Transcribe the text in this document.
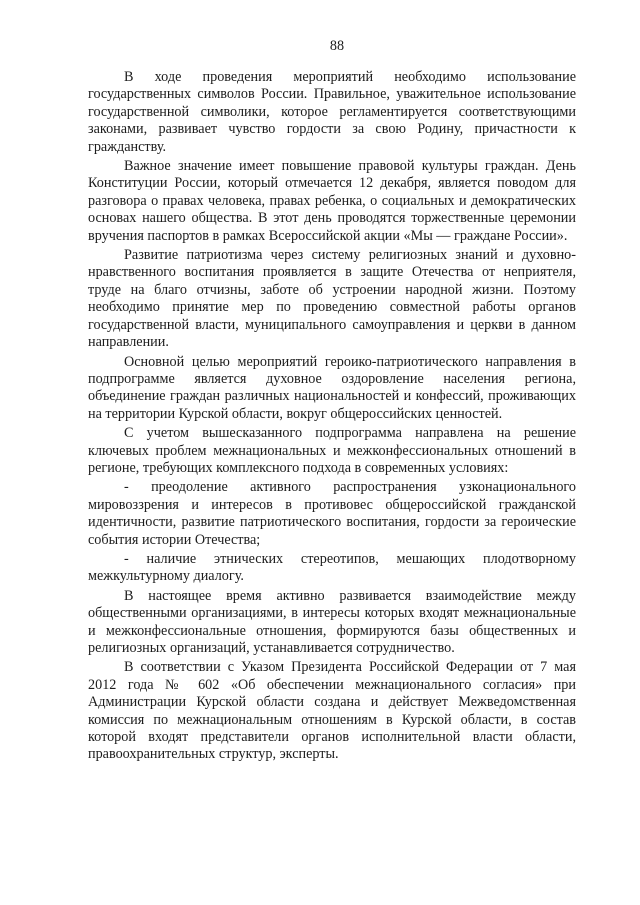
88

В ходе проведения мероприятий необходимо использование государственных символов России. Правильное, уважительное использование государственной символики, которое регламентируется соответствующими законами, развивает чувство гордости за свою Родину, причастности к гражданству.

Важное значение имеет повышение правовой культуры граждан. День Конституции России, который отмечается 12 декабря, является поводом для разговора о правах человека, правах ребенка, о социальных и демократических основах нашего общества. В этот день проводятся торжественные церемонии вручения паспортов в рамках Всероссийской акции «Мы — граждане России».

Развитие патриотизма через систему религиозных знаний и духовно-нравственного воспитания проявляется в защите Отечества от неприятеля, труде на благо отчизны, заботе об устроении народной жизни. Поэтому необходимо принятие мер по проведению совместной работы органов государственной власти, муниципального самоуправления и церкви в данном направлении.

Основной целью мероприятий героико-патриотического направления в подпрограмме является духовное оздоровление населения региона, объединение граждан различных национальностей и конфессий, проживающих на территории Курской области, вокруг общероссийских ценностей.

С учетом вышесказанного подпрограмма направлена на решение ключевых проблем межнациональных и межконфессиональных отношений в регионе, требующих комплексного подхода в современных условиях:

- преодоление активного распространения узконационального мировоззрения и интересов в противовес общероссийской гражданской идентичности, развитие патриотического воспитания, гордости за героические события истории Отечества;

- наличие этнических стереотипов, мешающих плодотворному межкультурному диалогу.

В настоящее время активно развивается взаимодействие между общественными организациями, в интересы которых входят межнациональные и межконфессиональные отношения, формируются базы общественных и религиозных организаций, устанавливается сотрудничество.

В соответствии с Указом Президента Российской Федерации от 7 мая 2012 года № 602 «Об обеспечении межнационального согласия» при Администрации Курской области создана и действует Межведомственная комиссия по межнациональным отношениям в Курской области, в состав которой входят представители органов исполнительной власти области, правоохранительных структур, эксперты.
